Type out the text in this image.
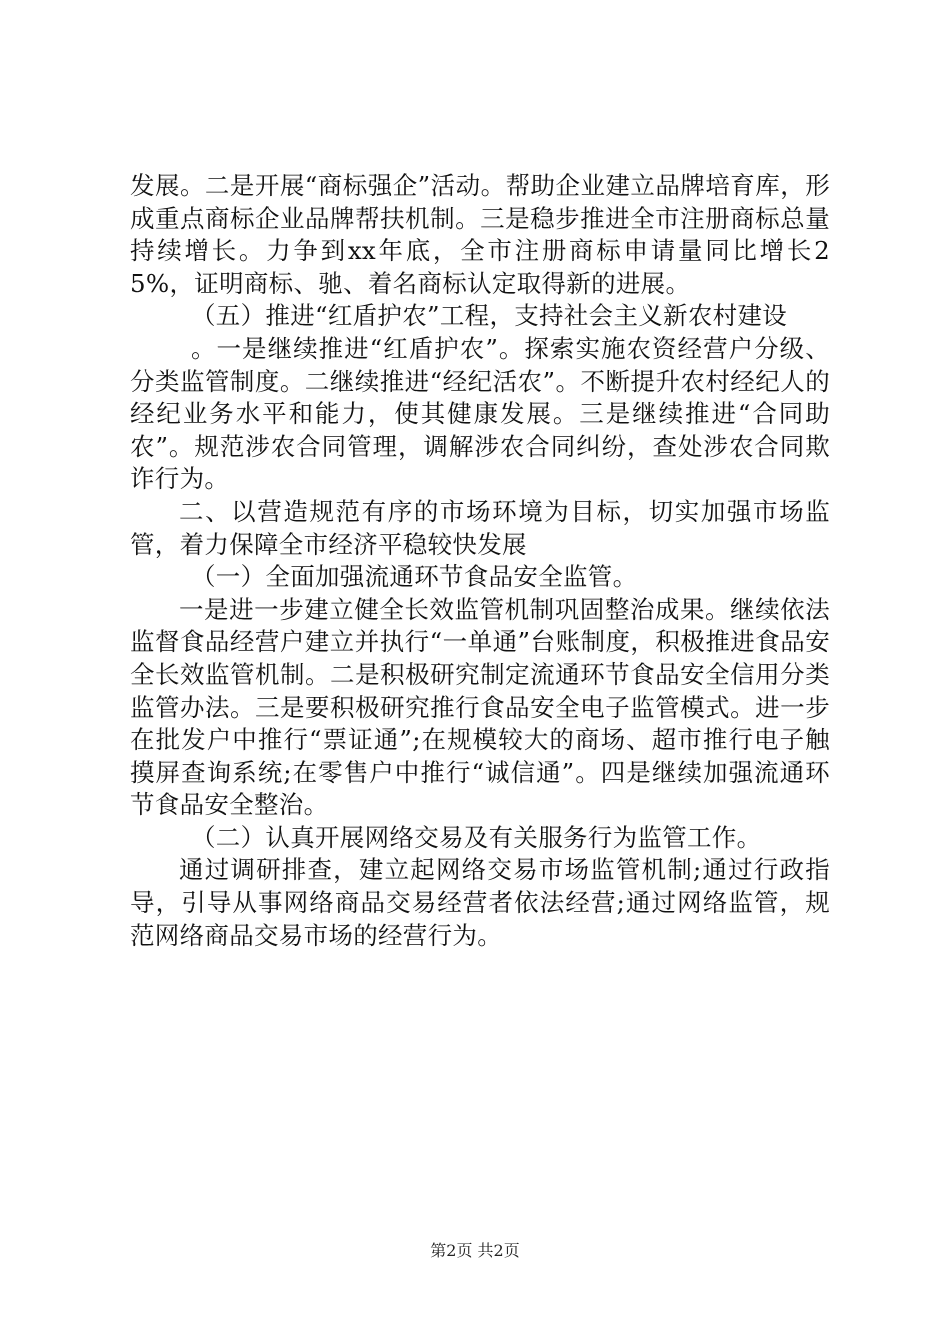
发展。二是开展“商标强企”活动。帮助企业建立品牌培育库，形成重点商标企业品牌帮扶机制。三是稳步推进全市注册商标总量持续增长。力争到xx年底，全市注册商标申请量同比增长25%，证明商标、驰、着名商标认定取得新的进展。

（五）推进“红盾护农”工程，支持社会主义新农村建设

。一是继续推进“红盾护农”。探索实施农资经营户分级、分类监管制度。二继续推进“经纪活农”。不断提升农村经纪人的经纪业务水平和能力，使其健康发展。三是继续推进“合同助农”。规范涉农合同管理，调解涉农合同纠纷，查处涉农合同欺诈行为。

二、以营造规范有序的市场环境为目标，切实加强市场监管，着力保障全市经济平稳较快发展

（一）全面加强流通环节食品安全监管。

一是进一步建立健全长效监管机制巩固整治成果。继续依法监督食品经营户建立并执行“一单通”台账制度，积极推进食品安全长效监管机制。二是积极研究制定流通环节食品安全信用分类监管办法。三是要积极研究推行食品安全电子监管模式。进一步在批发户中推行“票证通”;在规模较大的商场、超市推行电子触摸屏查询系统;在零售户中推行“诚信通”。四是继续加强流通环节食品安全整治。

（二）认真开展网络交易及有关服务行为监管工作。

通过调研排查，建立起网络交易市场监管机制;通过行政指导，引导从事网络商品交易经营者依法经营;通过网络监管，规范网络商品交易市场的经营行为。

第2页 共2页
